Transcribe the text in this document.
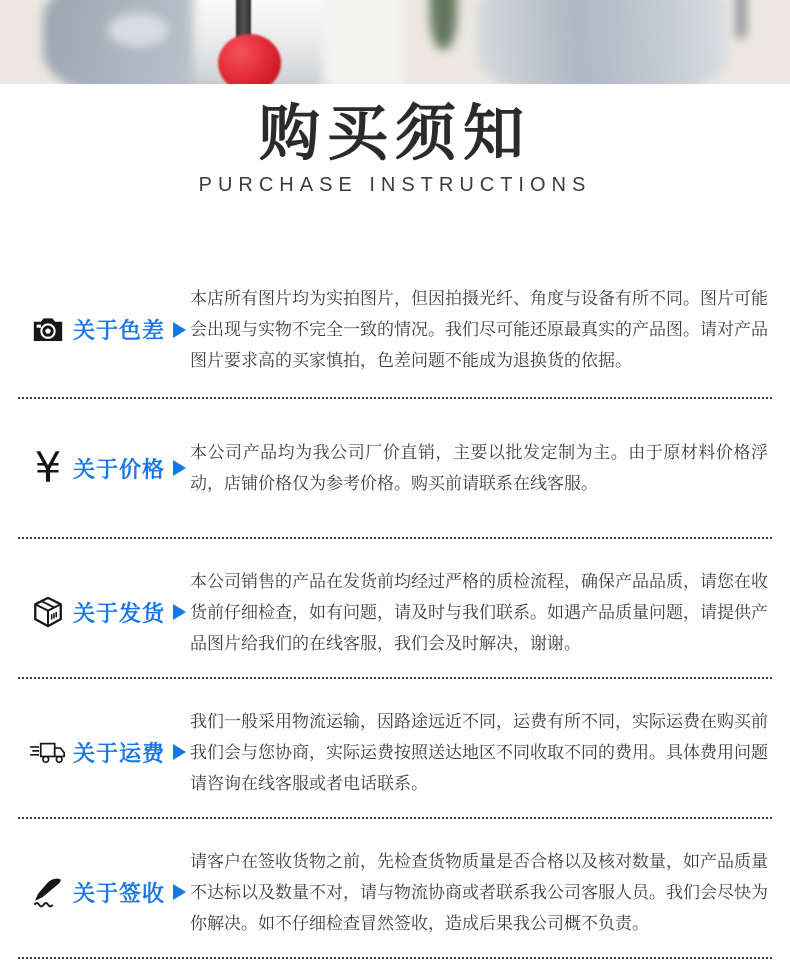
购买须知
PURCHASE INSTRUCTIONS
关于色差
本店所有图片均为实拍图片，但因拍摄光纤、角度与设备有所不同。图片可能会出现与实物不完全一致的情况。我们尽可能还原最真实的产品图。请对产品图片要求高的买家慎拍，色差问题不能成为退换货的依据。
¥ 关于价格
本公司产品均为我公司厂价直销，主要以批发定制为主。由于原材料价格浮动，店铺价格仅为参考价格。购买前请联系在线客服。
关于发货
本公司销售的产品在发货前均经过严格的质检流程，确保产品品质，请您在收货前仔细检查，如有问题，请及时与我们联系。如遇产品质量问题，请提供产品图片给我们的在线客服，我们会及时解决，谢谢。
关于运费
我们一般采用物流运输，因路途远近不同，运费有所不同，实际运费在购买前我们会与您协商，实际运费按照送达地区不同收取不同的费用。具体费用问题请咨询在线客服或者电话联系。
关于签收
请客户在签收货物之前，先检查货物质量是否合格以及核对数量，如产品质量不达标以及数量不对，请与物流协商或者联系我公司客服人员。我们会尽快为你解决。如不仔细检查冒然签收，造成后果我公司概不负责。
